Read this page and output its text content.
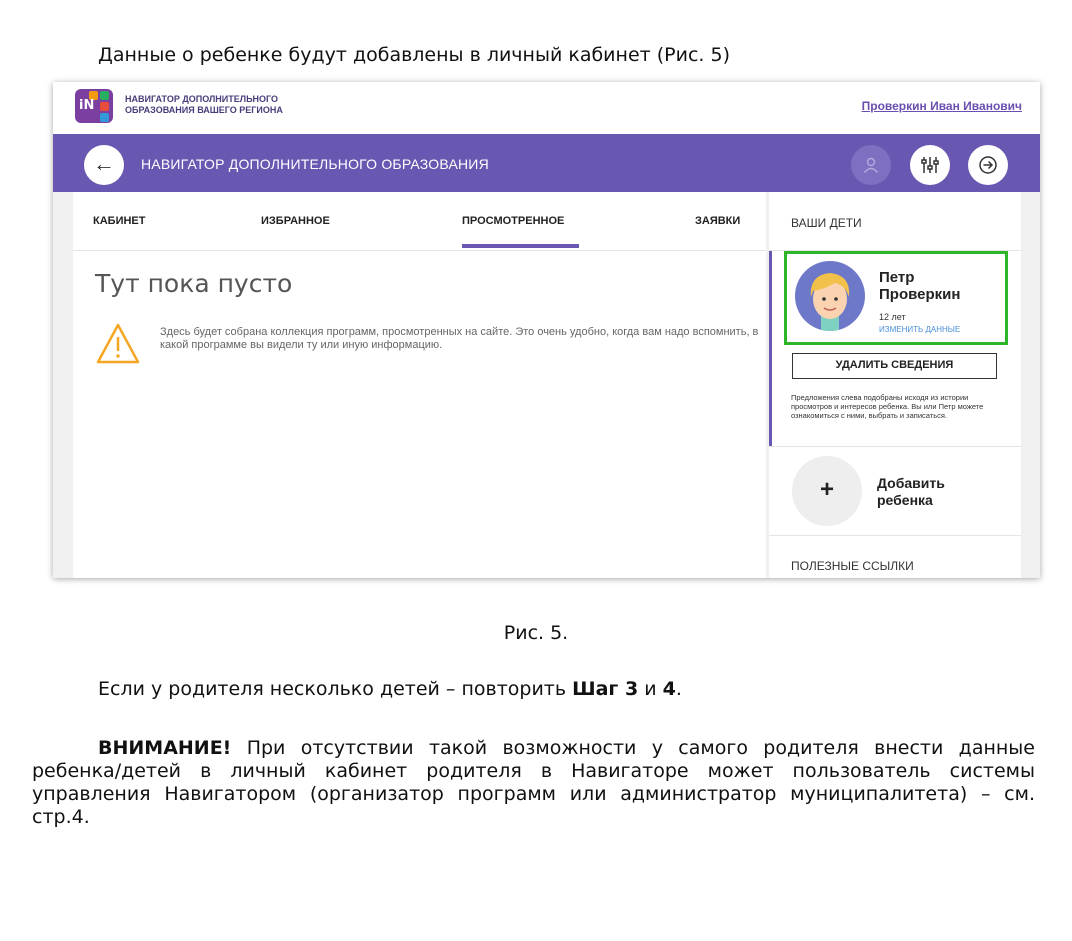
Данные о ребенке будут добавлены в личный кабинет (Рис. 5)
iN	НАВИГАТОР ДОПОЛНИТЕЛЬНОГО
ОБРАЗОВАНИЯ ВАШЕГО РЕГИОНА	Проверкин Иван Иванович
←	НАВИГАТОР ДОПОЛНИТЕЛЬНОГО ОБРАЗОВАНИЯ
КАБИНЕТ	ИЗБРАННОЕ	ПРОСМОТРЕННОЕ	ЗАЯВКИ
Тут пока пусто
Здесь будет собрана коллекция программ, просмотренных на сайте. Это очень удобно, когда вам надо вспомнить, в какой программе вы видели ту или иную информацию.
ВАШИ ДЕТИ
Петр
Проверкин
12 лет
ИЗМЕНИТЬ ДАННЫЕ
УДАЛИТЬ СВЕДЕНИЯ
Предложения слева подобраны исходя из истории просмотров и интересов ребенка. Вы или Петр можете ознакомиться с ними, выбрать и записаться.
+	Добавить
ребенка
ПОЛЕЗНЫЕ ССЫЛКИ
Рис. 5.
Если у родителя несколько детей – повторить Шаг 3 и 4.
ВНИМАНИЕ! При отсутствии такой возможности у самого родителя внести данные ребенка/детей в личный кабинет родителя в Навигаторе может пользователь системы управления Навигатором (организатор программ или администратор муниципалитета) – см. стр.4.
